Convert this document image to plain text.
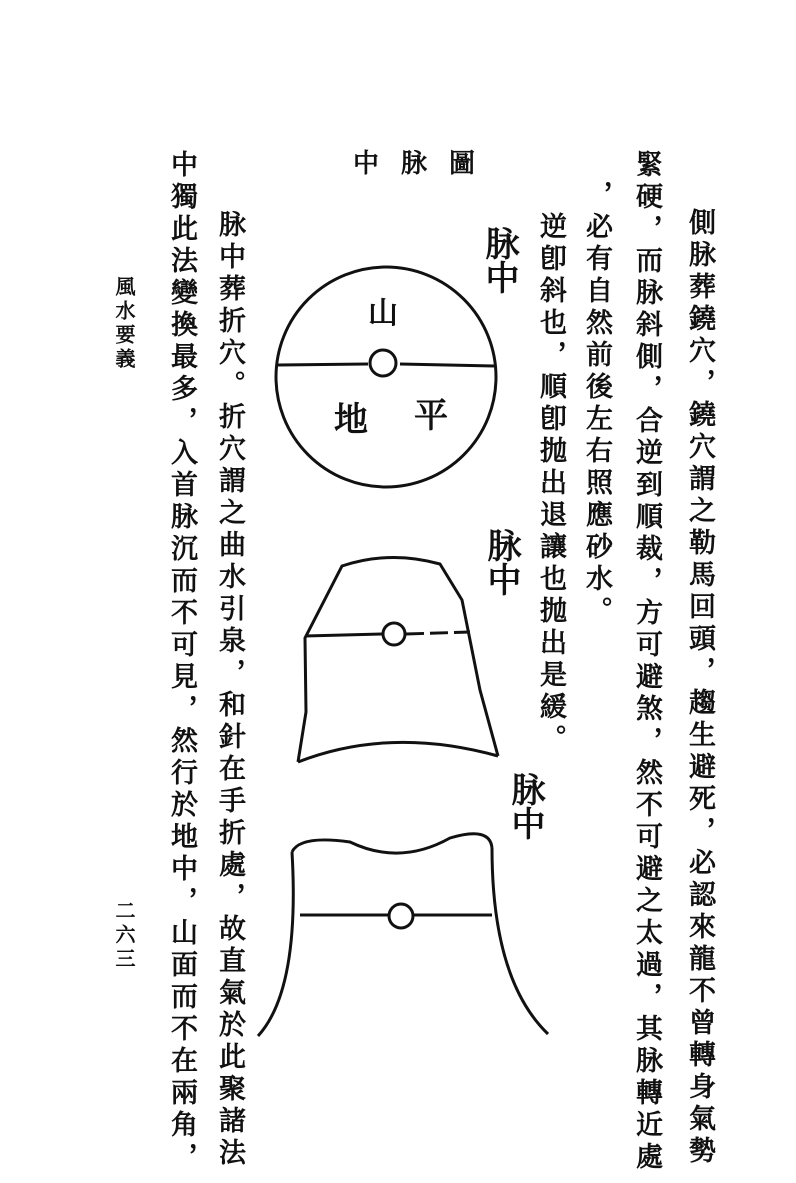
側脉葬鐃穴，鐃穴謂之勒馬回頭，趨生避死，必認來龍不曾轉身氣勢
緊硬，而脉斜側，合逆到順裁，方可避煞，然不可避之太過，其脉轉近處
，必有自然前後左右照應砂水。
逆卽斜也，順卽抛出退讓也抛出是緩。
中脉圖
脉中
山
地 平
脉中
脉中
脉中葬折穴。折穴謂之曲水引泉，和針在手折處，故直氣於此聚諸法
中獨此法變換最多，入首脉沉而不可見，然行於地中，山面而不在兩角，
風水要義
二六三
